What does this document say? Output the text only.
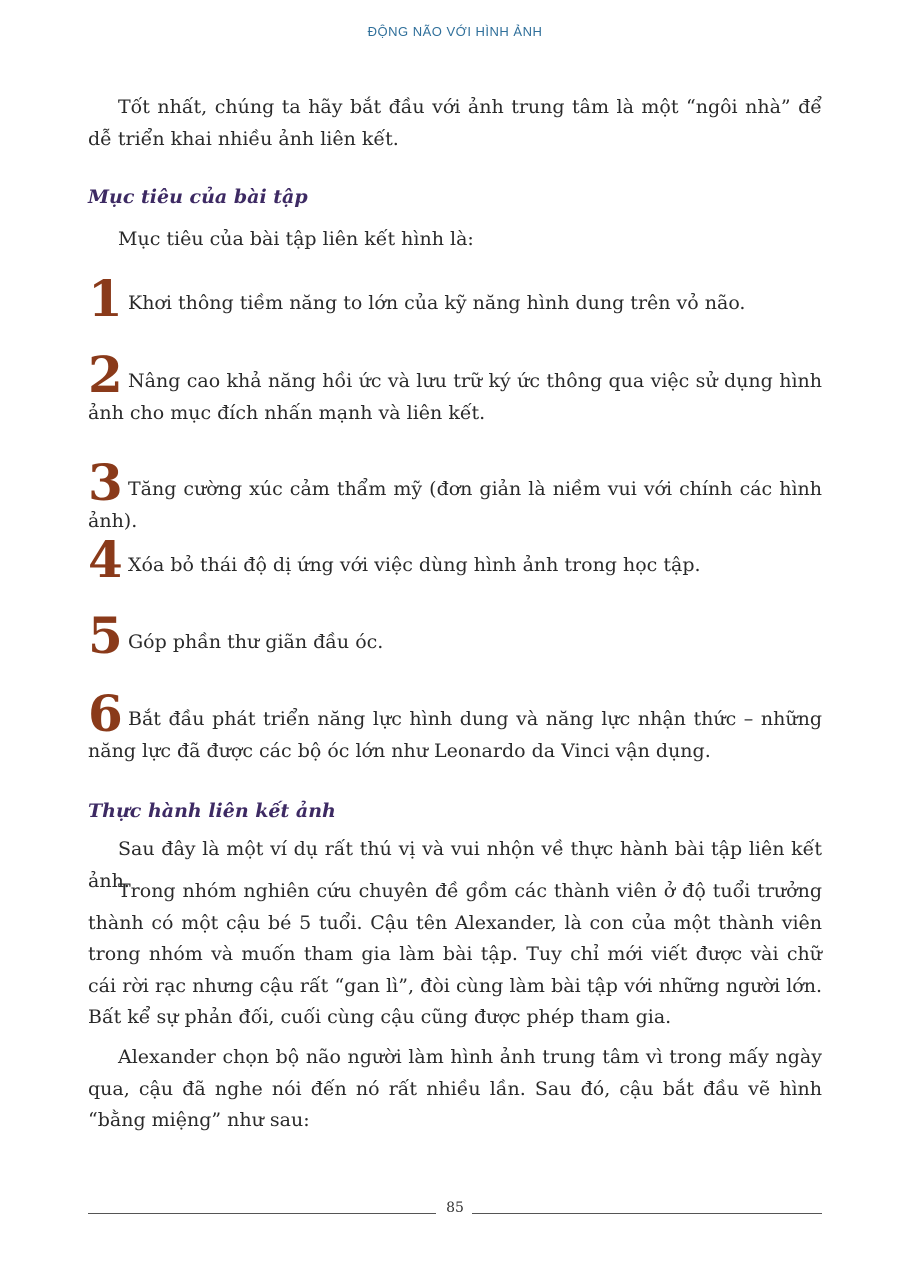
ĐỘNG NÃO VỚI HÌNH ẢNH

Tốt nhất, chúng ta hãy bắt đầu với ảnh trung tâm là một “ngôi nhà” để dễ triển khai nhiều ảnh liên kết.

Mục tiêu của bài tập

Mục tiêu của bài tập liên kết hình là:

1 Khơi thông tiềm năng to lớn của kỹ năng hình dung trên vỏ não.

2 Nâng cao khả năng hồi ức và lưu trữ ký ức thông qua việc sử dụng hình ảnh cho mục đích nhấn mạnh và liên kết.

3 Tăng cường xúc cảm thẩm mỹ (đơn giản là niềm vui với chính các hình ảnh).

4 Xóa bỏ thái độ dị ứng với việc dùng hình ảnh trong học tập.

5 Góp phần thư giãn đầu óc.

6 Bắt đầu phát triển năng lực hình dung và năng lực nhận thức – những năng lực đã được các bộ óc lớn như Leonardo da Vinci vận dụng.

Thực hành liên kết ảnh

Sau đây là một ví dụ rất thú vị và vui nhộn về thực hành bài tập liên kết ảnh.

Trong nhóm nghiên cứu chuyên đề gồm các thành viên ở độ tuổi trưởng thành có một cậu bé 5 tuổi. Cậu tên Alexander, là con của một thành viên trong nhóm và muốn tham gia làm bài tập. Tuy chỉ mới viết được vài chữ cái rời rạc nhưng cậu rất “gan lì”, đòi cùng làm bài tập với những người lớn. Bất kể sự phản đối, cuối cùng cậu cũng được phép tham gia.

Alexander chọn bộ não người làm hình ảnh trung tâm vì trong mấy ngày qua, cậu đã nghe nói đến nó rất nhiều lần. Sau đó, cậu bắt đầu vẽ hình “bằng miệng” như sau:

85
